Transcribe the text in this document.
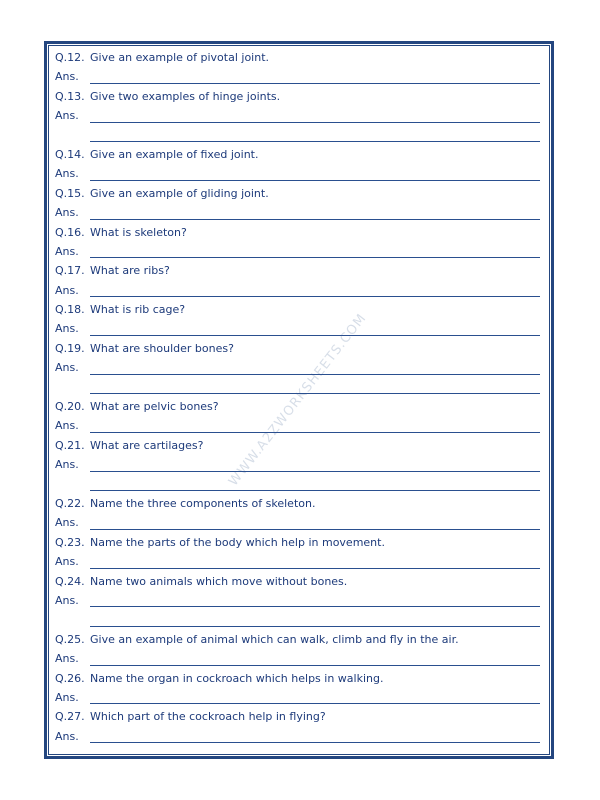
WWW.A2ZWORKSHEETS.COM
Q.12. Give an example of pivotal joint.
Ans.
Q.13. Give two examples of hinge joints.
Ans.
Q.14. Give an example of fixed joint.
Ans.
Q.15. Give an example of gliding joint.
Ans.
Q.16. What is skeleton?
Ans.
Q.17. What are ribs?
Ans.
Q.18. What is rib cage?
Ans.
Q.19. What are shoulder bones?
Ans.
Q.20. What are pelvic bones?
Ans.
Q.21. What are cartilages?
Ans.
Q.22. Name the three components of skeleton.
Ans.
Q.23. Name the parts of the body which help in movement.
Ans.
Q.24. Name two animals which move without bones.
Ans.
Q.25. Give an example of animal which can walk, climb and fly in the air.
Ans.
Q.26. Name the organ in cockroach which helps in walking.
Ans.
Q.27. Which part of the cockroach help in flying?
Ans.
